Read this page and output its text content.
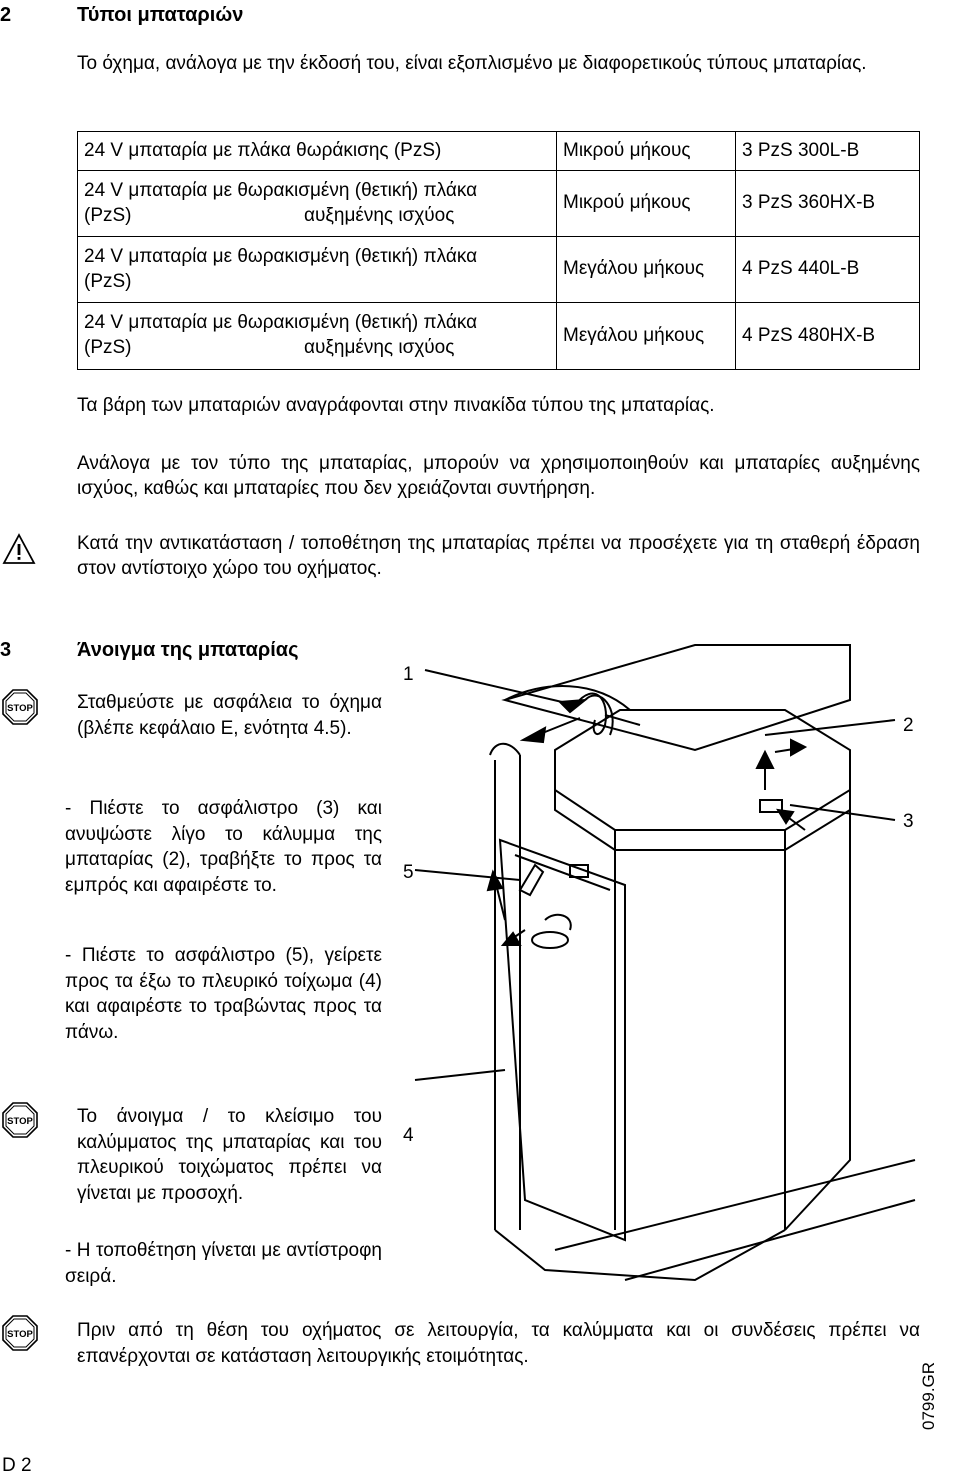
2	Τύποι μπαταριών
Το όχημα, ανάλογα με την έκδοσή του, είναι εξοπλισμένο με διαφορετικούς τύπους μπαταρίας.
24 V μπαταρία με πλάκα θωράκισης (PzS)	Μικρού μήκους	3 PzS 300L-B

24 V μπαταρία με θωρακισμένη (θετική) πλάκα
(PzS) αυξημένης ισχύος	Μικρού μήκους	3 PzS 360HX-B

24 V μπαταρία με θωρακισμένη (θετική) πλάκα
(PzS)	Μεγάλου μήκους	4 PzS 440L-B

24 V μπαταρία με θωρακισμένη (θετική) πλάκα
(PzS) αυξημένης ισχύος	Μεγάλου μήκους	4 PzS 480HX-B
Τα βάρη των μπαταριών αναγράφονται στην πινακίδα τύπου της μπαταρίας.
Ανάλογα με τον τύπο της μπαταρίας, μπορούν να χρησιμοποιηθούν και μπαταρίες αυξημένης ισχύος, καθώς και μπαταρίες που δεν χρειάζονται συντήρηση.
Κατά την αντικατάσταση / τοποθέτηση της μπαταρίας πρέπει να προσέχετε για τη σταθερή έδραση στον αντίστοιχο χώρο του οχήματος.
3	Άνοιγμα της μπαταρίας
STOP
STOP
STOP
Σταθμεύστε με ασφάλεια το όχημα (βλέπε κεφάλαιο Ε, ενότητα 4.5).
- Πιέστε το ασφάλιστρο (3) και ανυψώστε λίγο το κάλυμμα της μπαταρίας (2), τραβήξτε το προς τα εμπρός και αφαιρέστε το.
- Πιέστε το ασφάλιστρο (5), γείρετε προς τα έξω το πλευρικό τοίχωμα (4) και αφαιρέστε το τραβώντας προς τα πάνω.
Το άνοιγμα / το κλείσιμο του καλύμματος της μπαταρίας και του πλευρικού τοιχώματος πρέπει να γίνεται με προσοχή.
- Η τοποθέτηση γίνεται με αντίστροφη σειρά.
Πριν από τη θέση του οχήματος σε λειτουργία, τα καλύμματα και οι συνδέσεις πρέπει να επανέρχονται σε κατάσταση λειτουργικής ετοιμότητας.
1
2
3
5
4
D 2
0799.GR
